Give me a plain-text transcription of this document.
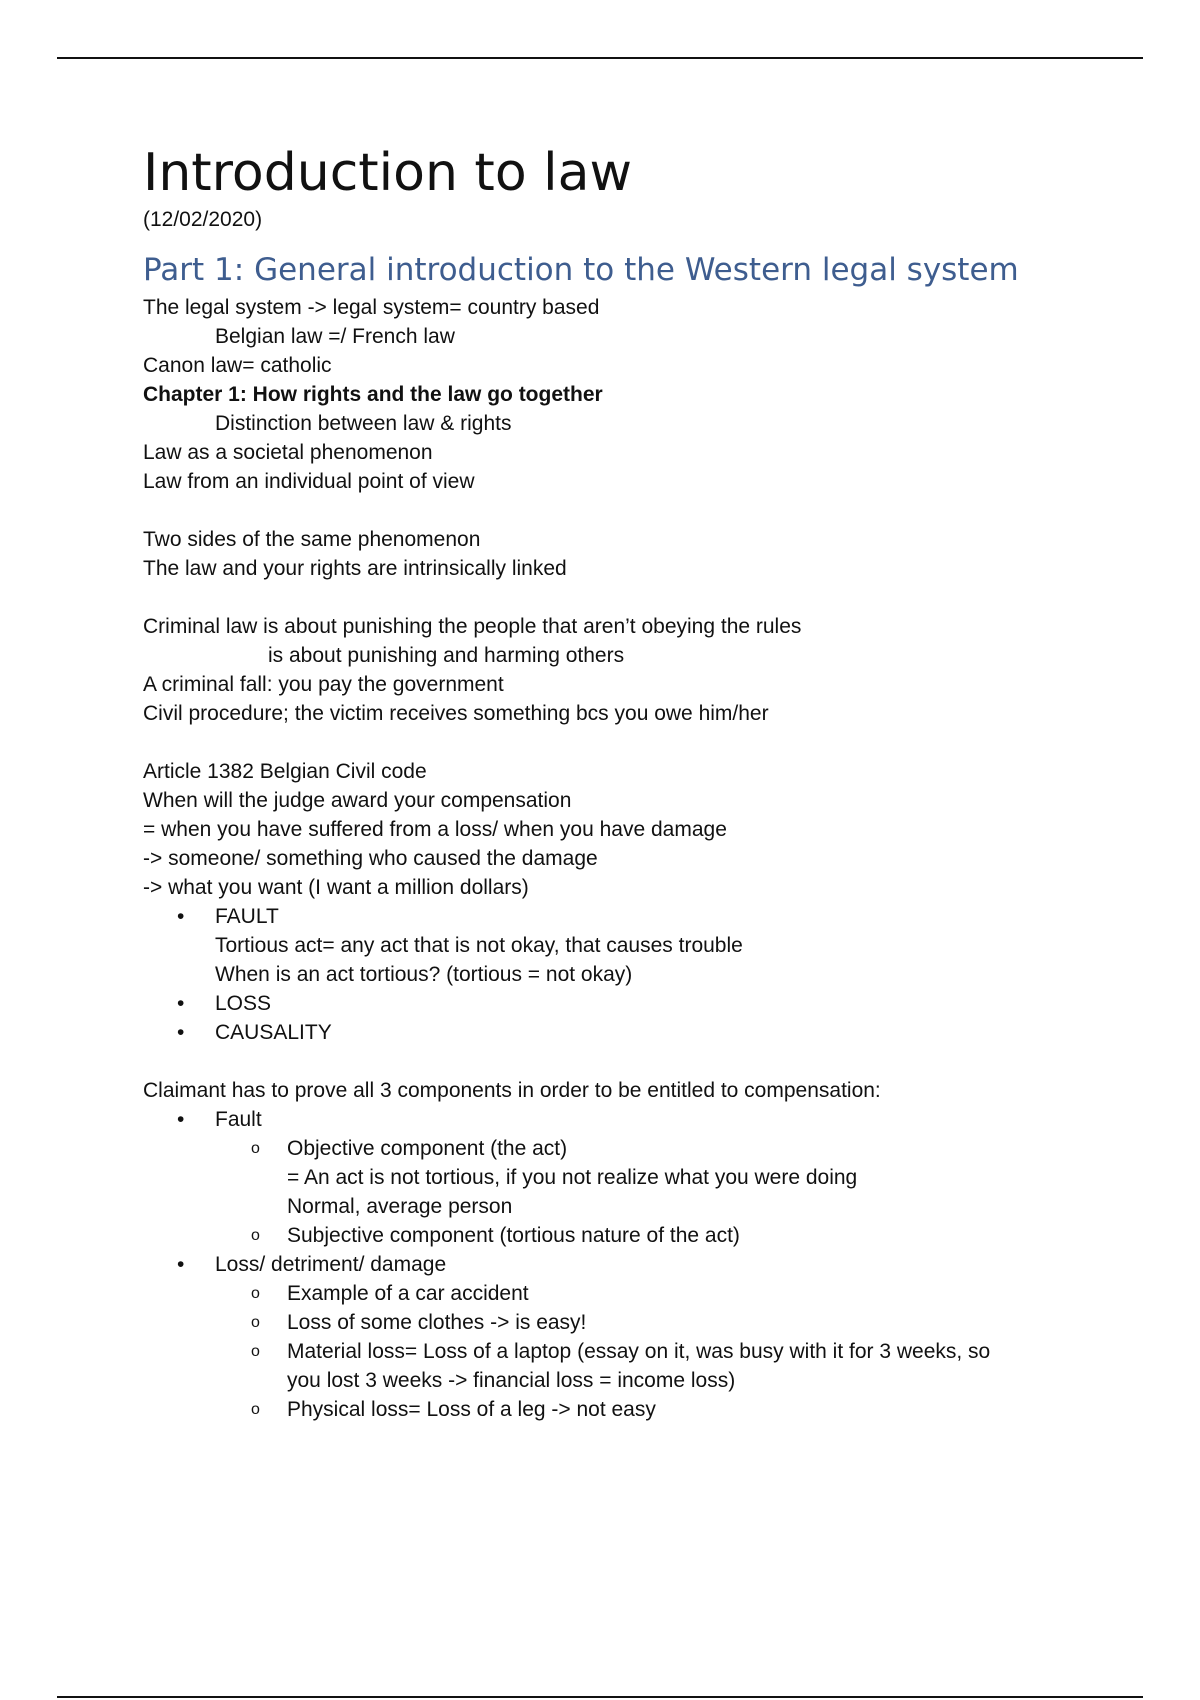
Introduction to law
(12/02/2020)
Part 1: General introduction to the Western legal system
The legal system -> legal system= country based
Belgian law =/ French law
Canon law= catholic
Chapter 1: How rights and the law go together
Distinction between law & rights
Law as a societal phenomenon
Law from an individual point of view
Two sides of the same phenomenon
The law and your rights are intrinsically linked
Criminal law is about punishing the people that aren’t obeying the rules
is about punishing and harming others
A criminal fall: you pay the government
Civil procedure; the victim receives something bcs you owe him/her
Article 1382 Belgian Civil code
When will the judge award your compensation
= when you have suffered from a loss/ when you have damage
-> someone/ something who caused the damage
-> what you want (I want a million dollars)
• FAULT
Tortious act= any act that is not okay, that causes trouble
When is an act tortious? (tortious = not okay)
• LOSS
• CAUSALITY
Claimant has to prove all 3 components in order to be entitled to compensation:
• Fault
o Objective component (the act)
= An act is not tortious, if you not realize what you were doing
Normal, average person
o Subjective component (tortious nature of the act)
• Loss/ detriment/ damage
o Example of a car accident
o Loss of some clothes -> is easy!
o Material loss= Loss of a laptop (essay on it, was busy with it for 3 weeks, so
you lost 3 weeks -> financial loss = income loss)
o Physical loss= Loss of a leg -> not easy
